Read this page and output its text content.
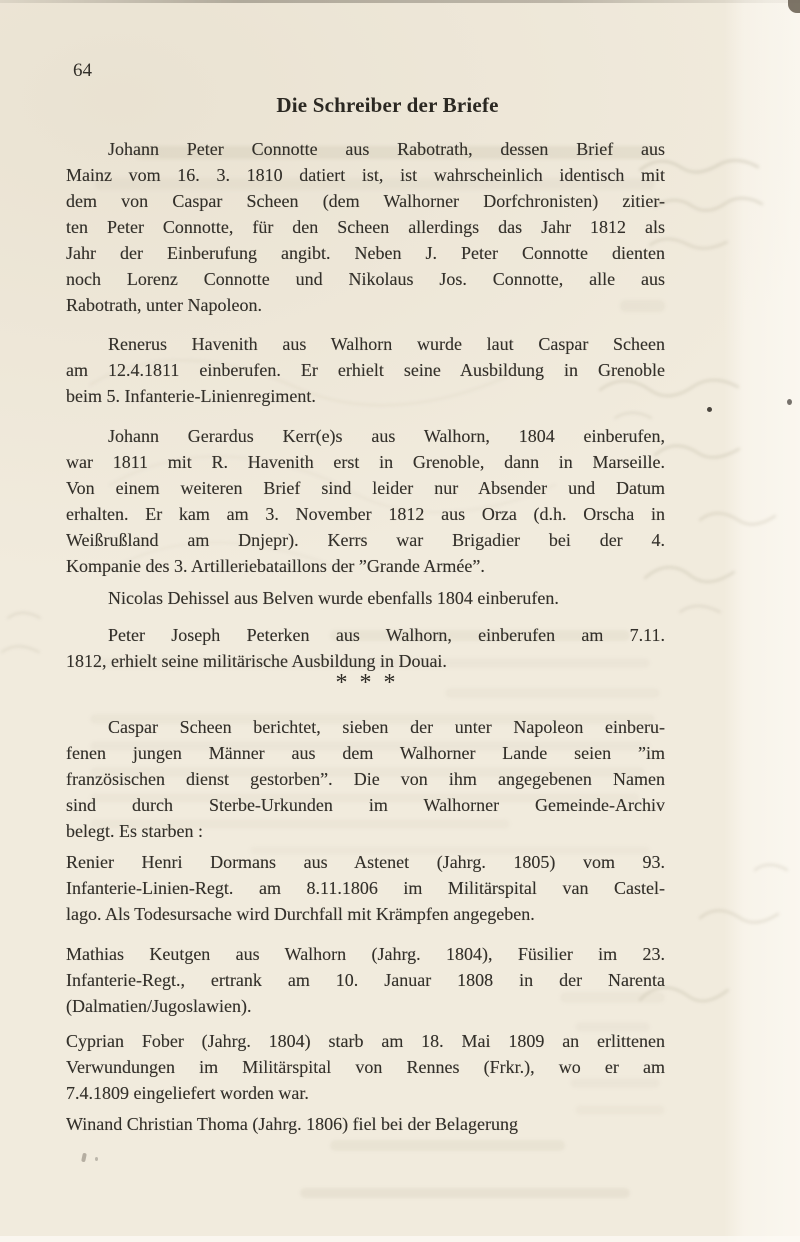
64
Die Schreiber der Briefe
Johann Peter Connotte aus Rabotrath, dessen Brief aus
Mainz vom 16. 3. 1810 datiert ist, ist wahrscheinlich identisch mit
dem von Caspar Scheen (dem Walhorner Dorfchronisten) zitier-
ten Peter Connotte, für den Scheen allerdings das Jahr 1812 als
Jahr der Einberufung angibt. Neben J. Peter Connotte dienten
noch Lorenz Connotte und Nikolaus Jos. Connotte, alle aus
Rabotrath, unter Napoleon.
Renerus Havenith aus Walhorn wurde laut Caspar Scheen
am 12.4.1811 einberufen. Er erhielt seine Ausbildung in Grenoble
beim 5. Infanterie-Linienregiment.
Johann Gerardus Kerr(e)s aus Walhorn, 1804 einberufen,
war 1811 mit R. Havenith erst in Grenoble, dann in Marseille.
Von einem weiteren Brief sind leider nur Absender und Datum
erhalten. Er kam am 3. November 1812 aus Orza (d.h. Orscha in
Weißrußland am Dnjepr). Kerrs war Brigadier bei der 4.
Kompanie des 3. Artilleriebataillons der ”Grande Armée”.
Nicolas Dehissel aus Belven wurde ebenfalls 1804 einberufen.
Peter Joseph Peterken aus Walhorn, einberufen am 7.11.
1812, erhielt seine militärische Ausbildung in Douai.
* * *
Caspar Scheen berichtet, sieben der unter Napoleon einberu-
fenen jungen Männer aus dem Walhorner Lande seien ”im
französischen dienst gestorben”. Die von ihm angegebenen Namen
sind durch Sterbe-Urkunden im Walhorner Gemeinde-Archiv
belegt. Es starben :
Renier Henri Dormans aus Astenet (Jahrg. 1805) vom 93.
Infanterie-Linien-Regt. am 8.11.1806 im Militärspital van Castel-
lago. Als Todesursache wird Durchfall mit Krämpfen angegeben.
Mathias Keutgen aus Walhorn (Jahrg. 1804), Füsilier im 23.
Infanterie-Regt., ertrank am 10. Januar 1808 in der Narenta
(Dalmatien/Jugoslawien).
Cyprian Fober (Jahrg. 1804) starb am 18. Mai 1809 an erlittenen
Verwundungen im Militärspital von Rennes (Frkr.), wo er am
7.4.1809 eingeliefert worden war.
Winand Christian Thoma (Jahrg. 1806) fiel bei der Belagerung
